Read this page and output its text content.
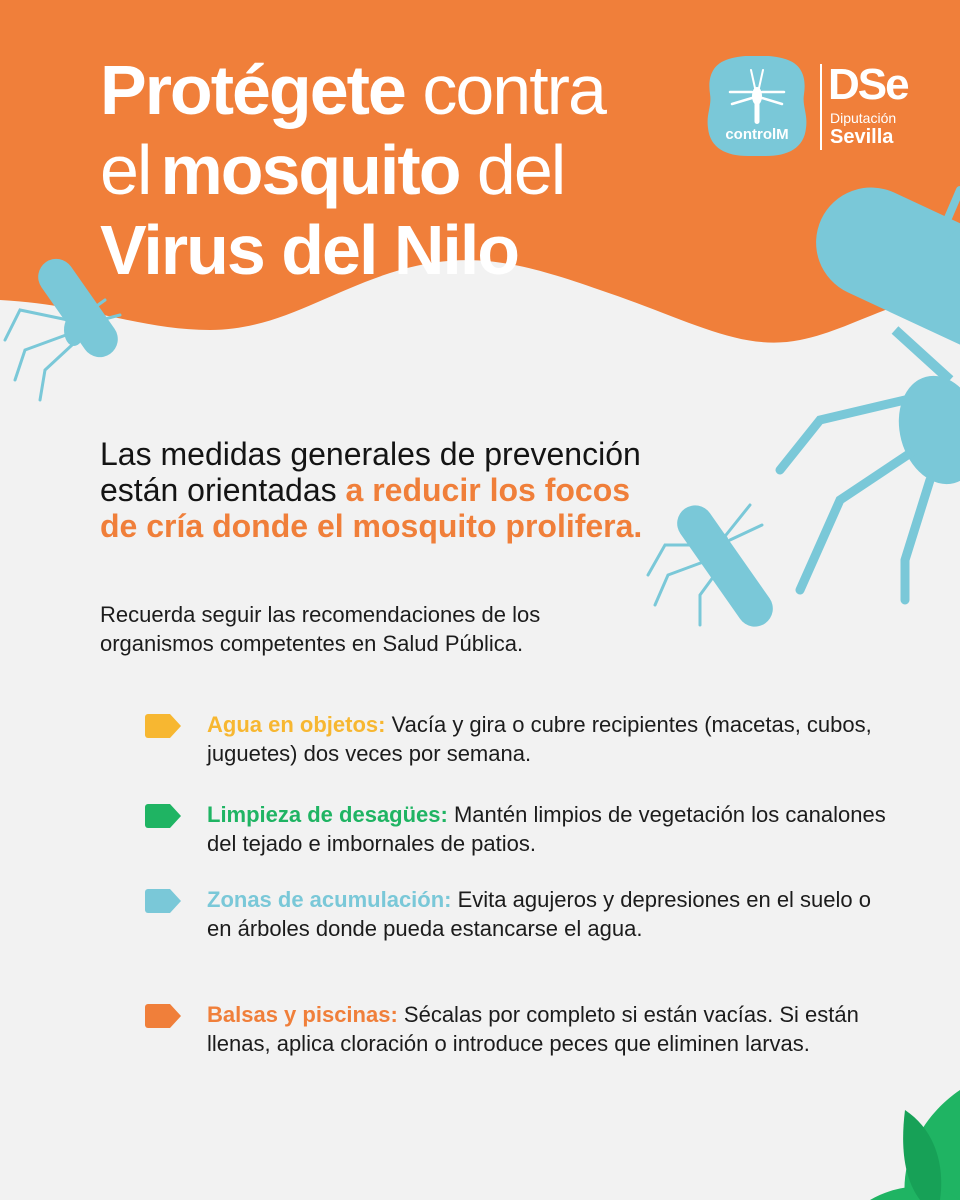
Protégete contra
el mosquito del
Virus del Nilo
controlM
DSe
Diputación
Sevilla
Las medidas generales de prevención están orientadas a reducir los focos de cría donde el mosquito prolifera.
Recuerda seguir las recomendaciones de los organismos competentes en Salud Pública.
Agua en objetos: Vacía y gira o cubre recipientes (macetas, cubos, juguetes) dos veces por semana.
Limpieza de desagües: Mantén limpios de vegetación los canalones del tejado e imbornales de patios.
Zonas de acumulación: Evita agujeros y depresiones en el suelo o en árboles donde pueda estancarse el agua.
Balsas y piscinas: Sécalas por completo si están vacías. Si están llenas, aplica cloración o introduce peces que eliminen larvas.
